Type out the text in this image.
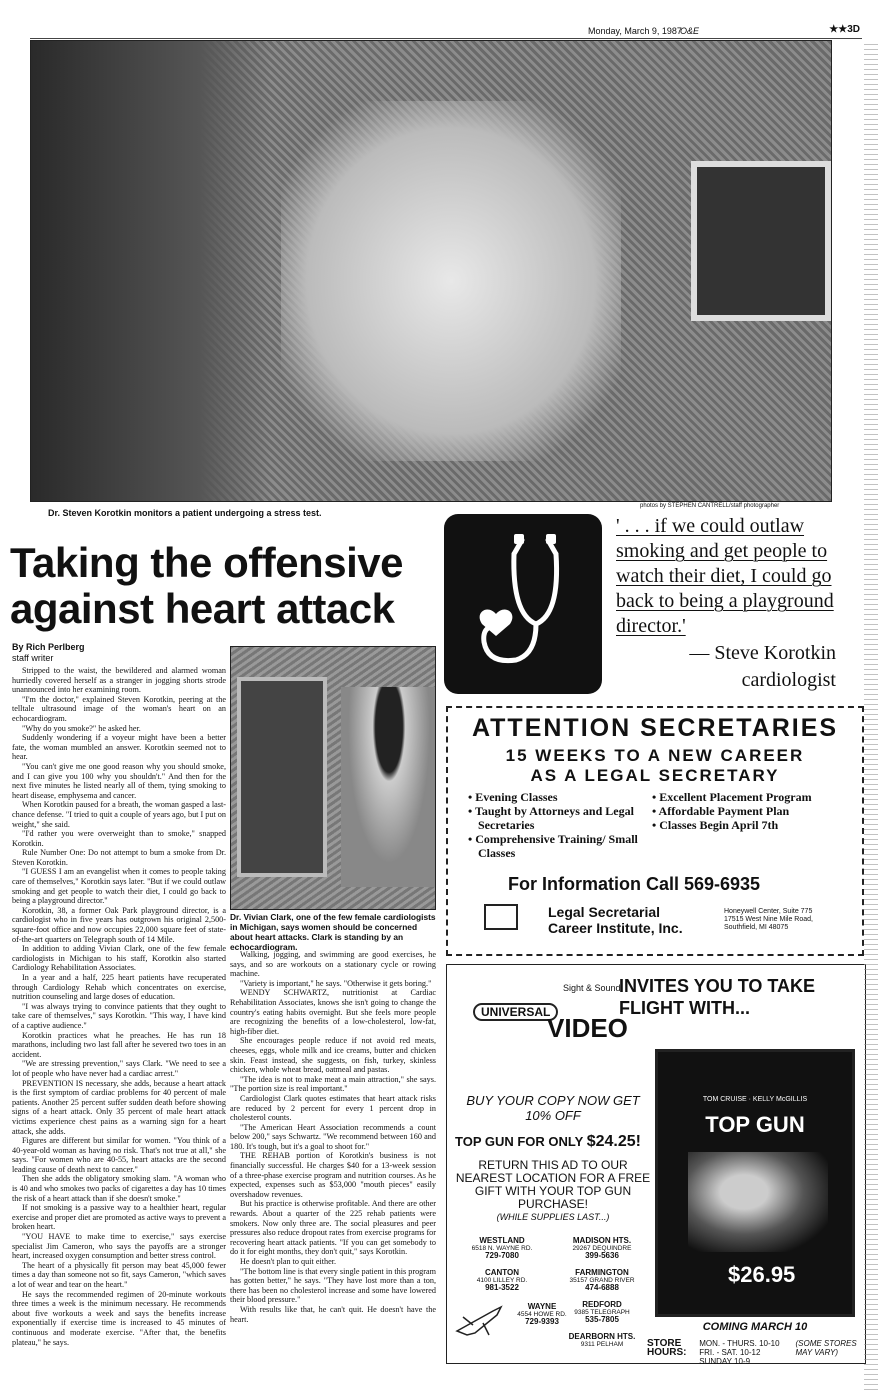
Monday, March 9, 1987
O&E	★★3D
photos by STEPHEN CANTRELL/staff photographer
Dr. Steven Korotkin monitors a patient undergoing a stress test.
Taking the offensive against heart attack
By Rich Perlberg
staff writer

Stripped to the waist, the bewildered and alarmed woman hurriedly covered herself as a stranger in jogging shorts strode unannounced into her examining room.

"I'm the doctor," explained Steven Korotkin, peering at the telltale ultrasound image of the woman's heart on an echocardiogram.

"Why do you smoke?" he asked her.

Suddenly wondering if a voyeur might have been a better fate, the woman mumbled an answer. Korotkin seemed not to hear.

"You can't give me one good reason why you should smoke, and I can give you 100 why you shouldn't." And then for the next five minutes he listed nearly all of them, tying smoking to heart disease, emphysema and cancer.

When Korotkin paused for a breath, the woman gasped a last-chance defense. "I tried to quit a couple of years ago, but I put on weight," she said.

"I'd rather you were overweight than to smoke," snapped Korotkin.

Rule Number One: Do not attempt to bum a smoke from Dr. Steven Korotkin.

"I GUESS I am an evangelist when it comes to people taking care of themselves," Korotkin says later. "But if we could outlaw smoking and get people to watch their diet, I could go back to being a playground director."

Korotkin, 38, a former Oak Park playground director, is a cardiologist who in five years has outgrown his original 2,500-square-foot office and now occupies 22,000 square feet of state-of-the-art quarters on Telegraph south of 14 Mile.

In addition to adding Vivian Clark, one of the few female cardiologists in Michigan to his staff, Korotkin also started Cardiology Rehabilitation Associates.

In a year and a half, 225 heart patients have recuperated through Cardiology Rehab which concentrates on exercise, nutrition counseling and large doses of education.

"I was always trying to convince patients that they ought to take care of themselves," says Korotkin. "This way, I have kind of a captive audience."

Korotkin practices what he preaches. He has run 18 marathons, including two last fall after he severed two toes in an accident.

"We are stressing prevention," says Clark. "We need to see a lot of people who have never had a cardiac arrest."

PREVENTION IS necessary, she adds, because a heart attack is the first symptom of cardiac problems for 40 percent of male patients. Another 25 percent suffer sudden death before showing signs of a heart attack. Only 35 percent of male heart attack victims experience chest pains as a warning sign for a heart attack, she adds.

Figures are different but similar for women. "You think of a 40-year-old woman as having no risk. That's not true at all," she says. "For women who are 40-55, heart attacks are the second leading cause of death next to cancer."

Then she adds the obligatory smoking slam. "A woman who is 40 and who smokes two packs of cigarettes a day has 10 times the risk of a heart attack than if she doesn't smoke."

If not smoking is a passive way to a healthier heart, regular exercise and proper diet are promoted as active ways to prevent a broken heart.

"YOU HAVE to make time to exercise," says exercise specialist Jim Cameron, who says the payoffs are a stronger heart, increased oxygen consumption and better stress control.

The heart of a physically fit person may beat 45,000 fewer times a day than someone not so fit, says Cameron, "which saves a lot of wear and tear on the heart."

He says the recommended regimen of 20-minute workouts three times a week is the minimum necessary. He recommends about five workouts a week and says the benefits increase exponentially if exercise time is increased to 45 minutes of continuous and moderate exercise. "After that, the benefits plateau," he says.

Dr. Vivian Clark, one of the few female cardiologists in Michigan, says women should be concerned about heart attacks. Clark is standing by an echocardiogram.

Walking, jogging, and swimming are good exercises, he says, and so are workouts on a stationary cycle or rowing machine.

"Variety is important," he says. "Otherwise it gets boring."

WENDY SCHWARTZ, nutritionist at Cardiac Rehabilitation Associates, knows she isn't going to change the country's eating habits overnight. But she feels more people are recognizing the benefits of a low-cholesterol, low-fat, high-fiber diet.

She encourages people reduce if not avoid red meats, cheeses, eggs, whole milk and ice creams, butter and chicken skin. Feast instead, she suggests, on fish, turkey, skinless chicken, whole wheat bread, oatmeal and pastas.

"The idea is not to make meat a main attraction," she says. "The portion size is real important."

Cardiologist Clark quotes estimates that heart attack risks are reduced by 2 percent for every 1 percent drop in cholesterol counts.

"The American Heart Association recommends a count below 200," says Schwartz. "We recommend between 160 and 180. It's tough, but it's a goal to shoot for."

THE REHAB portion of Korotkin's business is not financially successful. He charges $40 for a 13-week session of a three-phase exercise program and nutrition courses. As he expected, expenses such as $53,000 "mouth pieces" easily overshadow revenues.

But his practice is otherwise profitable. And there are other rewards. About a quarter of the 225 rehab patients were smokers. Now only three are. The social pleasures and peer pressures also reduce dropout rates from exercise programs for recovering heart attack patients. "If you can get somebody to do it for eight months, they don't quit," says Korotkin.

He doesn't plan to quit either.

"The bottom line is that every single patient in this program has gotten better," he says. "They have lost more than a ton, there has been no cholesterol increase and some have lowered their blood pressure."

With results like that, he can't quit. He doesn't have the heart.

' . . . if we could outlaw smoking and get people to watch their diet, I could go back to being a playground director.'
— Steve Korotkin
cardiologist
ATTENTION SECRETARIES
15 WEEKS TO A NEW CAREER
AS A LEGAL SECRETARY
• Evening Classes
• Taught by Attorneys and Legal Secretaries
• Comprehensive Training/ Small Classes
• Excellent Placement Program
• Affordable Payment Plan
• Classes Begin April 7th
For Information Call 569-6935
Legal Secretarial
Career Institute, Inc.
Honeywell Center, Suite 775
17515 West Nine Mile Road,
Southfield, MI 48075
Sight & Sound
UNIVERSAL
VIDEO
INVITES YOU TO TAKE FLIGHT WITH...
BUY YOUR COPY NOW GET 10% OFF
TOP GUN FOR ONLY $24.25!
RETURN THIS AD TO OUR NEAREST LOCATION FOR A FREE GIFT WITH YOUR TOP GUN PURCHASE!
(WHILE SUPPLIES LAST...)
WESTLAND
6518 N. WAYNE RD.
729-7080
MADISON HTS.
29267 DEQUINDRE
399-5636
CANTON
4100 LILLEY RD.
981-3522
FARMINGTON
35157 GRAND RIVER
474-6888
REDFORD
9385 TELEGRAPH
535-7805
WAYNE
4554 HOWE RD.
729-9393
DEARBORN HTS.
9311 PELHAM
TOM CRUISE · KELLY McGILLIS
TOP GUN
$26.95
COMING MARCH 10
STORE HOURS:
MON. - THURS. 10-10
FRI. - SAT. 10-12
SUNDAY 10-9
(SOME STORES MAY VARY)
